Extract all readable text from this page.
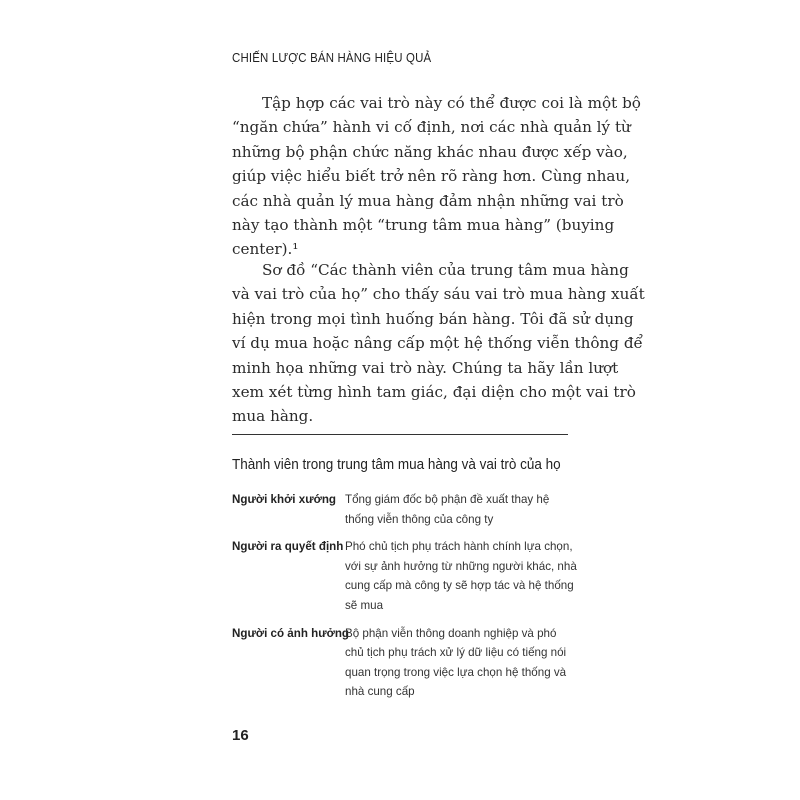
CHIẾN LƯỢC BÁN HÀNG HIỆU QUẢ
Tập hợp các vai trò này có thể được coi là một bộ
“ngăn chứa” hành vi cố định, nơi các nhà quản lý từ
những bộ phận chức năng khác nhau được xếp vào,
giúp việc hiểu biết trở nên rõ ràng hơn. Cùng nhau,
các nhà quản lý mua hàng đảm nhận những vai trò
này tạo thành một “trung tâm mua hàng” (buying
center).¹
Sơ đồ “Các thành viên của trung tâm mua hàng
và vai trò của họ” cho thấy sáu vai trò mua hàng xuất
hiện trong mọi tình huống bán hàng. Tôi đã sử dụng
ví dụ mua hoặc nâng cấp một hệ thống viễn thông để
minh họa những vai trò này. Chúng ta hãy lần lượt
xem xét từng hình tam giác, đại diện cho một vai trò
mua hàng.
Thành viên trong trung tâm mua hàng và vai trò của họ
Người khởi xướng Tổng giám đốc bộ phận đề xuất thay hệ
thống viễn thông của công ty
Người ra quyết định Phó chủ tịch phụ trách hành chính lựa chọn,
với sự ảnh hưởng từ những người khác, nhà
cung cấp mà công ty sẽ hợp tác và hệ thống
sẽ mua
Người có ảnh hưởng
Bộ phận viễn thông doanh nghiệp và phó
chủ tịch phụ trách xử lý dữ liệu có tiếng nói
quan trọng trong việc lựa chọn hệ thống và
nhà cung cấp
16
